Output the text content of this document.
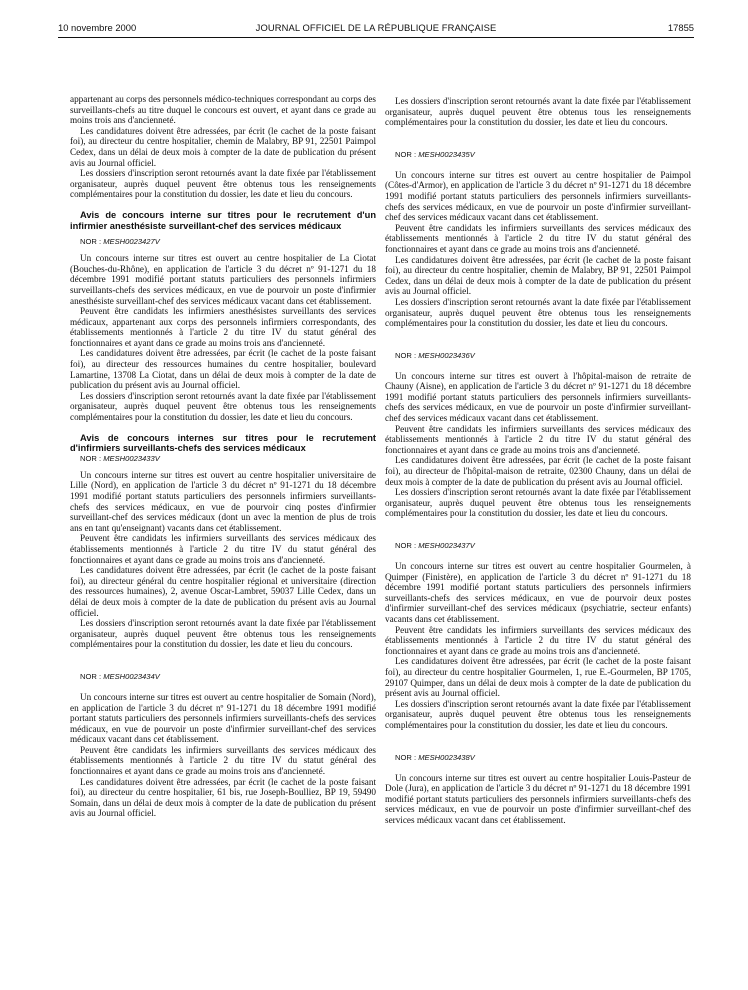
10 novembre 2000	JOURNAL OFFICIEL DE LA RÉPUBLIQUE FRANÇAISE	17855

appartenant au corps des personnels médico-techniques correspondant au corps des surveillants-chefs au titre duquel le concours est ouvert, et ayant dans ce grade au moins trois ans d'ancienneté.

Les candidatures doivent être adressées, par écrit (le cachet de la poste faisant foi), au directeur du centre hospitalier, chemin de Malabry, BP 91, 22501 Paimpol Cedex, dans un délai de deux mois à compter de la date de publication du présent avis au Journal officiel.

Les dossiers d'inscription seront retournés avant la date fixée par l'établissement organisateur, auprès duquel peuvent être obtenus tous les renseignements complémentaires pour la constitution du dossier, les date et lieu du concours.

Avis de concours interne sur titres pour le recrutement d'un infirmier anesthésiste surveillant-chef des services médicaux

NOR : MESH0023427V

Un concours interne sur titres est ouvert au centre hospitalier de La Ciotat (Bouches-du-Rhône), en application de l'article 3 du décret nº 91-1271 du 18 décembre 1991 modifié portant statuts particuliers des personnels infirmiers surveillants-chefs des services médicaux, en vue de pourvoir un poste d'infirmier anesthésiste surveillant-chef des services médicaux vacant dans cet établissement.

Peuvent être candidats les infirmiers anesthésistes surveillants des services médicaux, appartenant aux corps des personnels infirmiers correspondants, des établissements mentionnés à l'article 2 du titre IV du statut général des fonctionnaires et ayant dans ce grade au moins trois ans d'ancienneté.

Les candidatures doivent être adressées, par écrit (le cachet de la poste faisant foi), au directeur des ressources humaines du centre hospitalier, boulevard Lamartine, 13708 La Ciotat, dans un délai de deux mois à compter de la date de publication du présent avis au Journal officiel.

Les dossiers d'inscription seront retournés avant la date fixée par l'établissement organisateur, auprès duquel peuvent être obtenus tous les renseignements complémentaires pour la constitution du dossier, les date et lieu du concours.

Avis de concours internes sur titres pour le recrutement d'infirmiers surveillants-chefs des services médicaux

NOR : MESH0023433V

Un concours interne sur titres est ouvert au centre hospitalier universitaire de Lille (Nord), en application de l'article 3 du décret nº 91-1271 du 18 décembre 1991 modifié portant statuts particuliers des personnels infirmiers surveillants-chefs des services médicaux, en vue de pourvoir cinq postes d'infirmier surveillant-chef des services médicaux (dont un avec la mention de plus de trois ans en tant qu'enseignant) vacants dans cet établissement.

Peuvent être candidats les infirmiers surveillants des services médicaux des établissements mentionnés à l'article 2 du titre IV du statut général des fonctionnaires et ayant dans ce grade au moins trois ans d'ancienneté.

Les candidatures doivent être adressées, par écrit (le cachet de la poste faisant foi), au directeur général du centre hospitalier régional et universitaire (direction des ressources humaines), 2, avenue Oscar-Lambret, 59037 Lille Cedex, dans un délai de deux mois à compter de la date de publication du présent avis au Journal officiel.

Les dossiers d'inscription seront retournés avant la date fixée par l'établissement organisateur, auprès duquel peuvent être obtenus tous les renseignements complémentaires pour la constitution du dossier, les date et lieu du concours.

NOR : MESH0023434V

Un concours interne sur titres est ouvert au centre hospitalier de Somain (Nord), en application de l'article 3 du décret nº 91-1271 du 18 décembre 1991 modifié portant statuts particuliers des personnels infirmiers surveillants-chefs des services médicaux, en vue de pourvoir un poste d'infirmier surveillant-chef des services médicaux vacant dans cet établissement.

Peuvent être candidats les infirmiers surveillants des services médicaux des établissements mentionnés à l'article 2 du titre IV du statut général des fonctionnaires et ayant dans ce grade au moins trois ans d'ancienneté.

Les candidatures doivent être adressées, par écrit (le cachet de la poste faisant foi), au directeur du centre hospitalier, 61 bis, rue Joseph-Boulliez, BP 19, 59490 Somain, dans un délai de deux mois à compter de la date de publication du présent avis au Journal officiel.

Les dossiers d'inscription seront retournés avant la date fixée par l'établissement organisateur, auprès duquel peuvent être obtenus tous les renseignements complémentaires pour la constitution du dossier, les date et lieu du concours.

NOR : MESH0023435V

Un concours interne sur titres est ouvert au centre hospitalier de Paimpol (Côtes-d'Armor), en application de l'article 3 du décret nº 91-1271 du 18 décembre 1991 modifié portant statuts particuliers des personnels infirmiers surveillants-chefs des services médicaux, en vue de pourvoir un poste d'infirmier surveillant-chef des services médicaux vacant dans cet établissement.

Peuvent être candidats les infirmiers surveillants des services médicaux des établissements mentionnés à l'article 2 du titre IV du statut général des fonctionnaires et ayant dans ce grade au moins trois ans d'ancienneté.

Les candidatures doivent être adressées, par écrit (le cachet de la poste faisant foi), au directeur du centre hospitalier, chemin de Malabry, BP 91, 22501 Paimpol Cedex, dans un délai de deux mois à compter de la date de publication du présent avis au Journal officiel.

Les dossiers d'inscription seront retournés avant la date fixée par l'établissement organisateur, auprès duquel peuvent être obtenus tous les renseignements complémentaires pour la constitution du dossier, les date et lieu du concours.

NOR : MESH0023436V

Un concours interne sur titres est ouvert à l'hôpital-maison de retraite de Chauny (Aisne), en application de l'article 3 du décret nº 91-1271 du 18 décembre 1991 modifié portant statuts particuliers des personnels infirmiers surveillants-chefs des services médicaux, en vue de pourvoir un poste d'infirmier surveillant-chef des services médicaux vacant dans cet établissement.

Peuvent être candidats les infirmiers surveillants des services médicaux des établissements mentionnés à l'article 2 du titre IV du statut général des fonctionnaires et ayant dans ce grade au moins trois ans d'ancienneté.

Les candidatures doivent être adressées, par écrit (le cachet de la poste faisant foi), au directeur de l'hôpital-maison de retraite, 02300 Chauny, dans un délai de deux mois à compter de la date de publication du présent avis au Journal officiel.

Les dossiers d'inscription seront retournés avant la date fixée par l'établissement organisateur, auprès duquel peuvent être obtenus tous les renseignements complémentaires pour la constitution du dossier, les date et lieu du concours.

NOR : MESH0023437V

Un concours interne sur titres est ouvert au centre hospitalier Gourmelen, à Quimper (Finistère), en application de l'article 3 du décret nº 91-1271 du 18 décembre 1991 modifié portant statuts particuliers des personnels infirmiers surveillants-chefs des services médicaux, en vue de pourvoir deux postes d'infirmier surveillant-chef des services médicaux (psychiatrie, secteur enfants) vacants dans cet établissement.

Peuvent être candidats les infirmiers surveillants des services médicaux des établissements mentionnés à l'article 2 du titre IV du statut général des fonctionnaires et ayant dans ce grade au moins trois ans d'ancienneté.

Les candidatures doivent être adressées, par écrit (le cachet de la poste faisant foi), au directeur du centre hospitalier Gourmelen, 1, rue E.-Gourmelen, BP 1705, 29107 Quimper, dans un délai de deux mois à compter de la date de publication du présent avis au Journal officiel.

Les dossiers d'inscription seront retournés avant la date fixée par l'établissement organisateur, auprès duquel peuvent être obtenus tous les renseignements complémentaires pour la constitution du dossier, les date et lieu du concours.

NOR : MESH0023438V

Un concours interne sur titres est ouvert au centre hospitalier Louis-Pasteur de Dole (Jura), en application de l'article 3 du décret nº 91-1271 du 18 décembre 1991 modifié portant statuts particuliers des personnels infirmiers surveillants-chefs des services médicaux, en vue de pourvoir un poste d'infirmier surveillant-chef des services médicaux vacant dans cet établissement.
